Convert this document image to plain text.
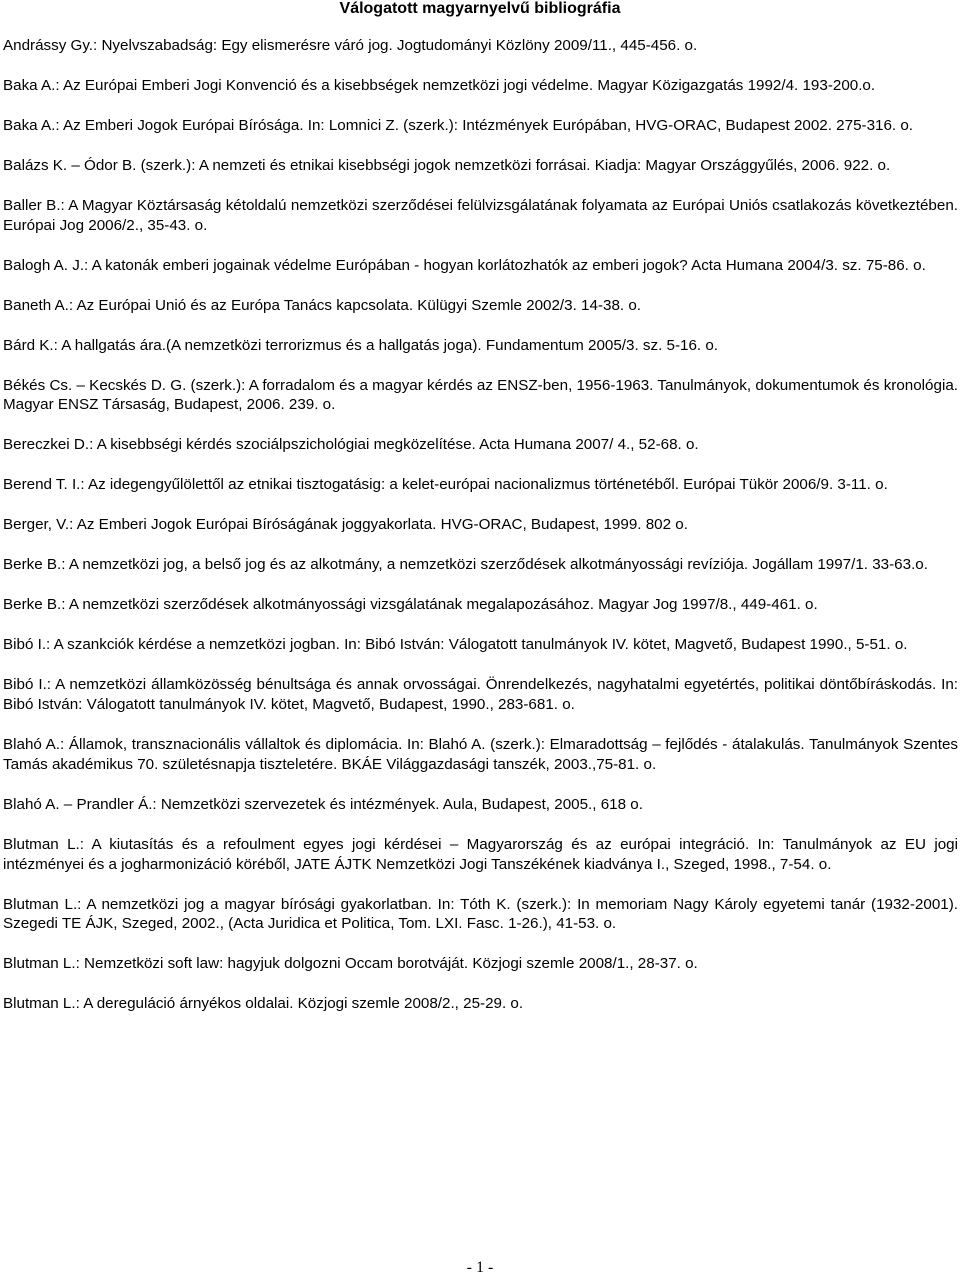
Válogatott magyarnyelvű bibliográfia

Andrássy Gy.: Nyelvszabadság: Egy elismerésre váró jog. Jogtudományi Közlöny 2009/11., 445-456. o.

Baka A.: Az Európai Emberi Jogi Konvenció és a kisebbségek nemzetközi jogi védelme. Magyar Közigazgatás 1992/4. 193-200.o.

Baka A.: Az Emberi Jogok Európai Bírósága. In: Lomnici Z. (szerk.): Intézmények Európában, HVG-ORAC, Budapest 2002. 275-316. o.

Balázs K. – Ódor B. (szerk.): A nemzeti és etnikai kisebbségi jogok nemzetközi forrásai. Kiadja: Magyar Országgyűlés, 2006. 922. o.

Baller B.: A Magyar Köztársaság kétoldalú nemzetközi szerződései felülvizsgálatának folyamata az Európai Uniós csatlakozás következtében. Európai Jog 2006/2., 35-43. o.

Balogh A. J.: A katonák emberi jogainak védelme Európában - hogyan korlátozhatók az emberi jogok? Acta Humana 2004/3. sz. 75-86. o.

Baneth A.: Az Európai Unió és az Európa Tanács kapcsolata. Külügyi Szemle 2002/3. 14-38. o.

Bárd K.: A hallgatás ára.(A nemzetközi terrorizmus és a hallgatás joga). Fundamentum 2005/3. sz. 5-16. o.

Békés Cs. – Kecskés D. G. (szerk.): A forradalom és a magyar kérdés az ENSZ-ben, 1956-1963. Tanulmányok, dokumentumok és kronológia. Magyar ENSZ Társaság, Budapest, 2006. 239. o.

Bereczkei D.: A kisebbségi kérdés szociálpszichológiai megközelítése. Acta Humana 2007/ 4., 52-68. o.

Berend T. I.: Az idegengyűlölettől az etnikai tisztogatásig: a kelet-európai nacionalizmus történetéből. Európai Tükör 2006/9. 3-11. o.

Berger, V.: Az Emberi Jogok Európai Bíróságának joggyakorlata. HVG-ORAC, Budapest, 1999. 802 o.

Berke B.: A nemzetközi jog, a belső jog és az alkotmány, a nemzetközi szerződések alkotmányossági revíziója. Jogállam 1997/1. 33-63.o.

Berke B.: A nemzetközi szerződések alkotmányossági vizsgálatának megalapozásához. Magyar Jog 1997/8., 449-461. o.

Bibó I.: A szankciók kérdése a nemzetközi jogban. In: Bibó István: Válogatott tanulmányok IV. kötet, Magvető, Budapest 1990., 5-51. o.

Bibó I.: A nemzetközi államközösség bénultsága és annak orvosságai. Önrendelkezés, nagyhatalmi egyetértés, politikai döntőbíráskodás. In: Bibó István: Válogatott tanulmányok IV. kötet, Magvető, Budapest, 1990., 283-681. o.

Blahó A.: Államok, transznacionális vállaltok és diplomácia. In: Blahó A. (szerk.): Elmaradottság – fejlődés - átalakulás. Tanulmányok Szentes Tamás akadémikus 70. születésnapja tiszteletére. BKÁE Világgazdasági tanszék, 2003.,75-81. o.

Blahó A. – Prandler Á.: Nemzetközi szervezetek és intézmények. Aula, Budapest, 2005., 618 o.

Blutman L.: A kiutasítás és a refoulment egyes jogi kérdései – Magyarország és az európai integráció. In: Tanulmányok az EU jogi intézményei és a jogharmonizáció köréből, JATE ÁJTK Nemzetközi Jogi Tanszékének kiadványa I., Szeged, 1998., 7-54. o.

Blutman L.: A nemzetközi jog a magyar bírósági gyakorlatban. In: Tóth K. (szerk.): In memoriam Nagy Károly egyetemi tanár (1932-2001). Szegedi TE ÁJK, Szeged, 2002., (Acta Juridica et Politica, Tom. LXI. Fasc. 1-26.), 41-53. o.

Blutman L.: Nemzetközi soft law: hagyjuk dolgozni Occam borotváját. Közjogi szemle 2008/1., 28-37. o.

Blutman L.: A dereguláció árnyékos oldalai. Közjogi szemle 2008/2., 25-29. o.

- 1 -
